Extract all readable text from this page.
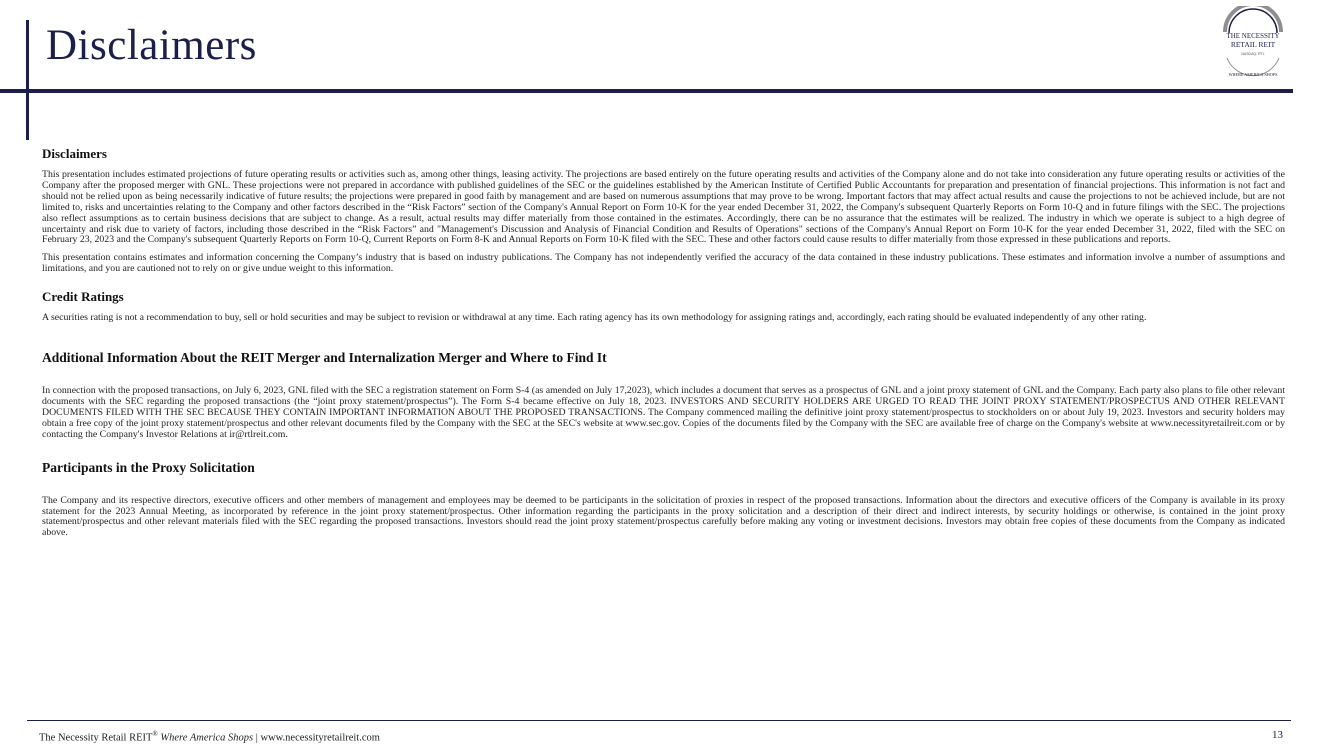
Disclaimers	THE NECESSITY
RETAIL REIT
NASDAQ: RTL
WHERE AMERICA SHOPS
Disclaimers

This presentation includes estimated projections of future operating results or activities such as, among other things, leasing activity. The projections are based entirely on the future operating results and activities of the Company alone and do not take into consideration any future operating results or activities of the Company after the proposed merger with GNL. These projections were not prepared in accordance with published guidelines of the SEC or the guidelines established by the American Institute of Certified Public Accountants for preparation and presentation of financial projections. This information is not fact and should not be relied upon as being necessarily indicative of future results; the projections were prepared in good faith by management and are based on numerous assumptions that may prove to be wrong. Important factors that may affect actual results and cause the projections to not be achieved include, but are not limited to, risks and uncertainties relating to the Company and other factors described in the “Risk Factors” section of the Company's Annual Report on Form 10-K for the year ended December 31, 2022, the Company's subsequent Quarterly Reports on Form 10-Q and in future filings with the SEC. The projections also reflect assumptions as to certain business decisions that are subject to change. As a result, actual results may differ materially from those contained in the estimates. Accordingly, there can be no assurance that the estimates will be realized. The industry in which we operate is subject to a high degree of uncertainty and risk due to variety of factors, including those described in the “Risk Factors” and "Management's Discussion and Analysis of Financial Condition and Results of Operations" sections of the Company's Annual Report on Form 10-K for the year ended December 31, 2022, filed with the SEC on February 23, 2023 and the Company's subsequent Quarterly Reports on Form 10-Q, Current Reports on Form 8-K and Annual Reports on Form 10-K filed with the SEC. These and other factors could cause results to differ materially from those expressed in these publications and reports.

This presentation contains estimates and information concerning the Company’s industry that is based on industry publications. The Company has not independently verified the accuracy of the data contained in these industry publications. These estimates and information involve a number of assumptions and limitations, and you are cautioned not to rely on or give undue weight to this information.

Credit Ratings

A securities rating is not a recommendation to buy, sell or hold securities and may be subject to revision or withdrawal at any time. Each rating agency has its own methodology for assigning ratings and, accordingly, each rating should be evaluated independently of any other rating.

Additional Information About the REIT Merger and Internalization Merger and Where to Find It

In connection with the proposed transactions, on July 6, 2023, GNL filed with the SEC a registration statement on Form S-4 (as amended on July 17,2023), which includes a document that serves as a prospectus of GNL and a joint proxy statement of GNL and the Company. Each party also plans to file other relevant documents with the SEC regarding the proposed transactions (the “joint proxy statement/prospectus”). The Form S-4 became effective on July 18, 2023. INVESTORS AND SECURITY HOLDERS ARE URGED TO READ THE JOINT PROXY STATEMENT/PROSPECTUS AND OTHER RELEVANT DOCUMENTS FILED WITH THE SEC BECAUSE THEY CONTAIN IMPORTANT INFORMATION ABOUT THE PROPOSED TRANSACTIONS. The Company commenced mailing the definitive joint proxy statement/prospectus to stockholders on or about July 19, 2023. Investors and security holders may obtain a free copy of the joint proxy statement/prospectus and other relevant documents filed by the Company with the SEC at the SEC's website at www.sec.gov. Copies of the documents filed by the Company with the SEC are available free of charge on the Company's website at www.necessityretailreit.com or by contacting the Company's Investor Relations at ir@rtlreit.com.

Participants in the Proxy Solicitation

The Company and its respective directors, executive officers and other members of management and employees may be deemed to be participants in the solicitation of proxies in respect of the proposed transactions. Information about the directors and executive officers of the Company is available in its proxy statement for the 2023 Annual Meeting, as incorporated by reference in the joint proxy statement/prospectus. Other information regarding the participants in the proxy solicitation and a description of their direct and indirect interests, by security holdings or otherwise, is contained in the joint proxy statement/prospectus and other relevant materials filed with the SEC regarding the proposed transactions. Investors should read the joint proxy statement/prospectus carefully before making any voting or investment decisions. Investors may obtain free copies of these documents from the Company as indicated above.

The Necessity Retail REIT® Where America Shops | www.necessityretailreit.com	13
